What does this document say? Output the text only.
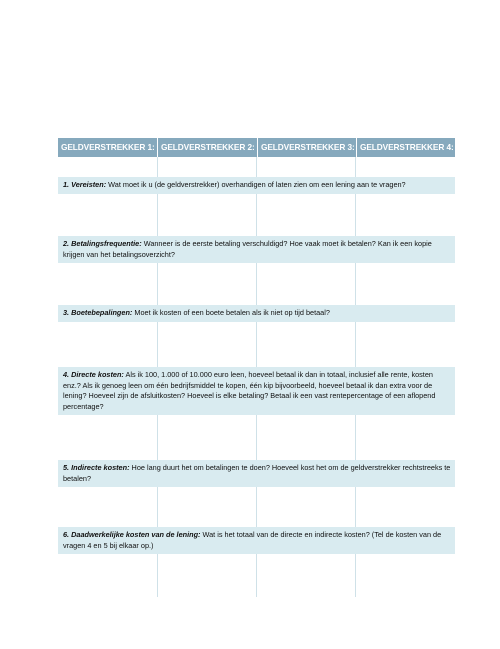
GELDVERSTREKKER 1: GELDVERSTREKKER 2: GELDVERSTREKKER 3: GELDVERSTREKKER 4:
1. Vereisten: Wat moet ik u (de geldverstrekker) overhandigen of laten zien om een lening aan te vragen?
2. Betalingsfrequentie: Wanneer is de eerste betaling verschuldigd? Hoe vaak moet ik betalen? Kan ik een kopie krijgen van het betalingsoverzicht?
3. Boetebepalingen: Moet ik kosten of een boete betalen als ik niet op tijd betaal?
4. Directe kosten: Als ik 100, 1.000 of 10.000 euro leen, hoeveel betaal ik dan in totaal, inclusief alle rente, kosten enz.? Als ik genoeg leen om één bedrijfsmiddel te kopen, één kip bijvoorbeeld, hoeveel betaal ik dan extra voor de lening? Hoeveel zijn de afsluitkosten? Hoeveel is elke betaling? Betaal ik een vast rentepercentage of een aflopend percentage?
5. Indirecte kosten: Hoe lang duurt het om betalingen te doen? Hoeveel kost het om de geldverstrekker rechtstreeks te betalen?
6. Daadwerkelijke kosten van de lening: Wat is het totaal van de directe en indirecte kosten? (Tel de kosten van de vragen 4 en 5 bij elkaar op.)
